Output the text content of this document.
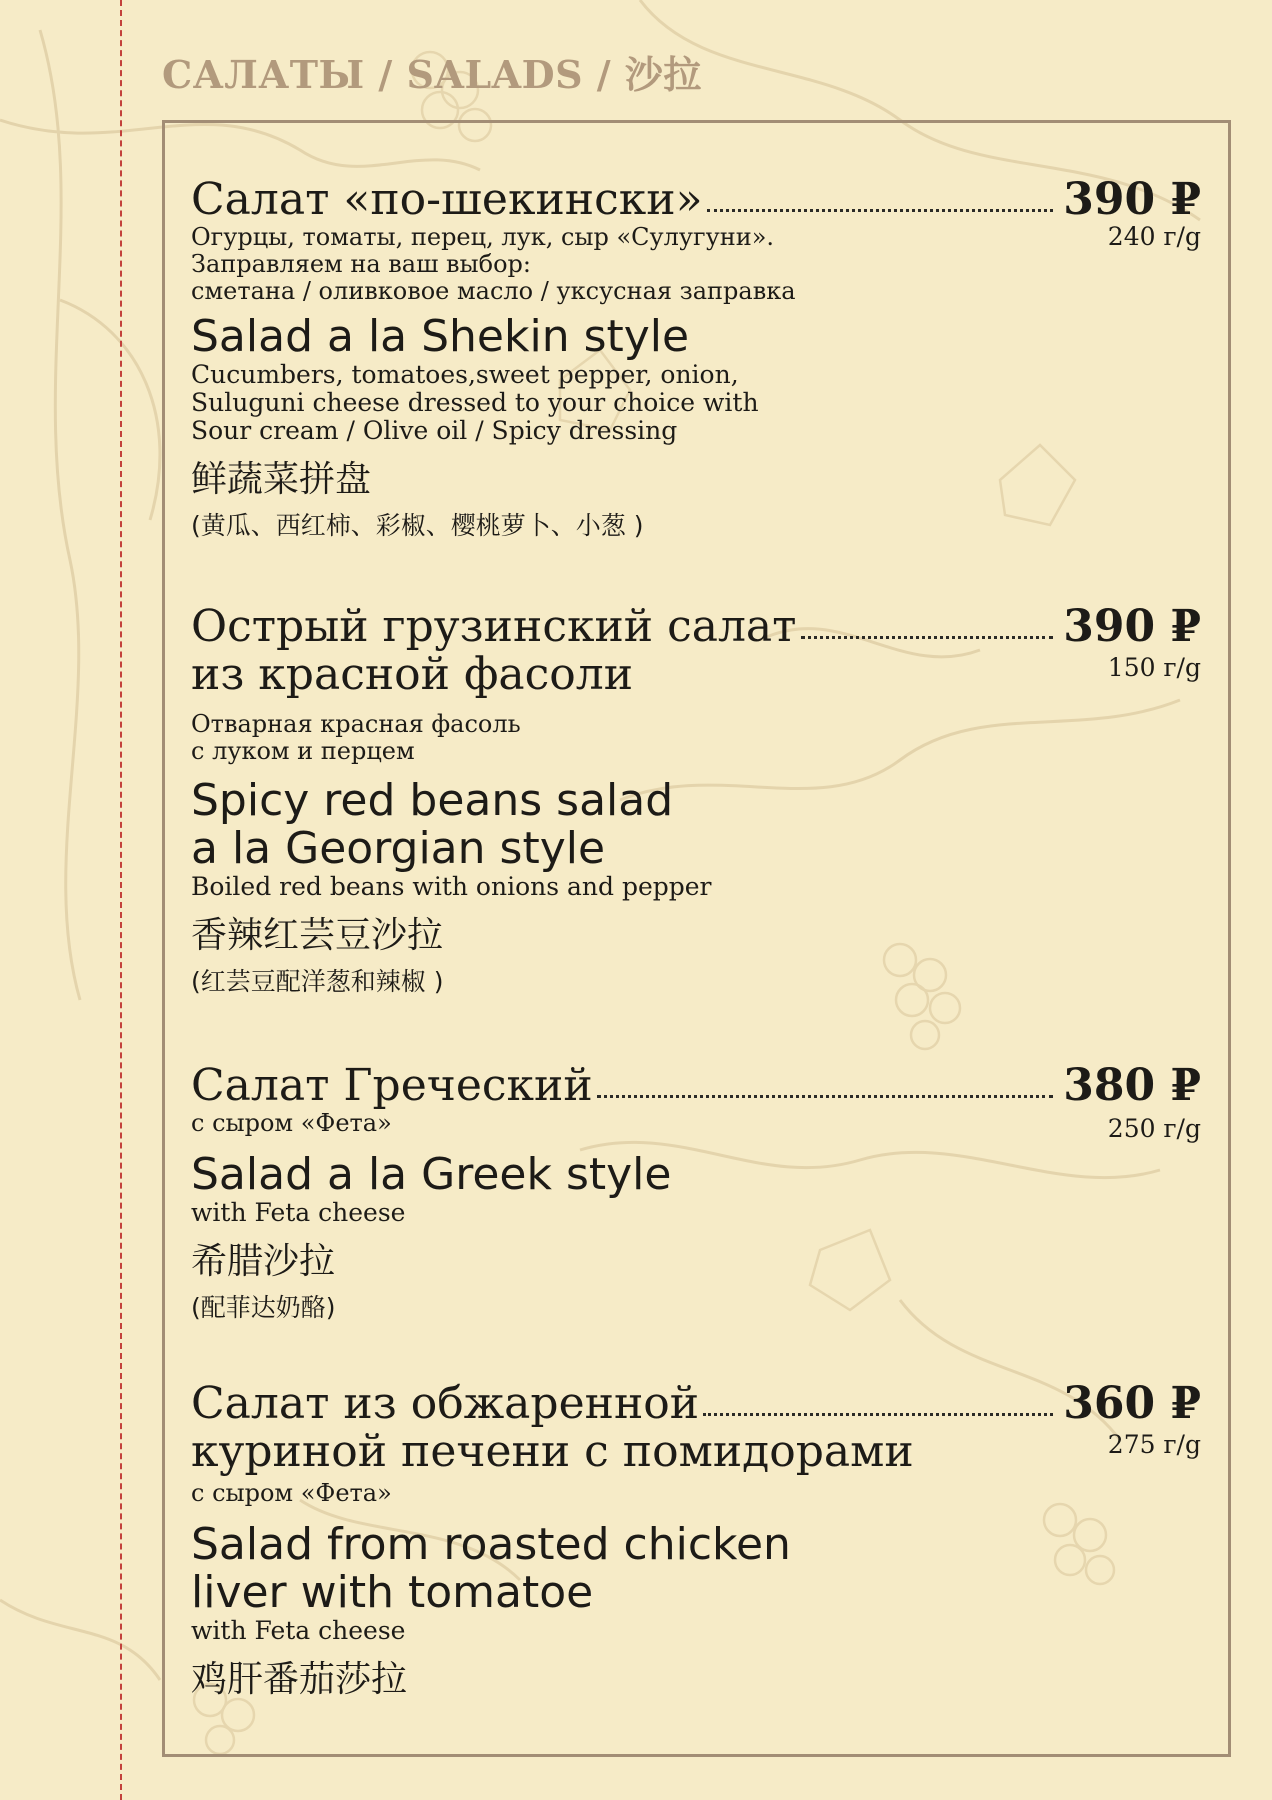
САЛАТЫ / SALADS / 沙拉
Салат «по-шекински»	390 ₽
240 г/g
Огурцы, томаты, перец, лук, сыр «Сулугуни».
Заправляем на ваш выбор:
сметана / оливковое масло / уксусная заправка
Salad a la Shekin style
Cucumbers, tomatoes,sweet pepper, onion,
Suluguni cheese dressed to your choice with
Sour cream / Olive oil / Spicy dressing
鲜蔬菜拼盘
(黄瓜、西红柿、彩椒、樱桃萝卜、小葱 )
Острый грузинский салат	390 ₽
150 г/g
из красной фасоли
Отварная красная фасоль
с луком и перцем
Spicy red beans salad
a la Georgian style
Boiled red beans with onions and pepper
香辣红芸豆沙拉
(红芸豆配洋葱和辣椒 )
Салат Греческий	380 ₽
250 г/g
с сыром «Фета»
Salad a la Greek style
with Feta cheese
希腊沙拉
(配菲达奶酪)
Салат из обжаренной	360 ₽
275 г/g
куриной печени с помидорами
с сыром «Фета»
Salad from roasted chicken
liver with tomatoe
with Feta cheese
鸡肝番茄莎拉
